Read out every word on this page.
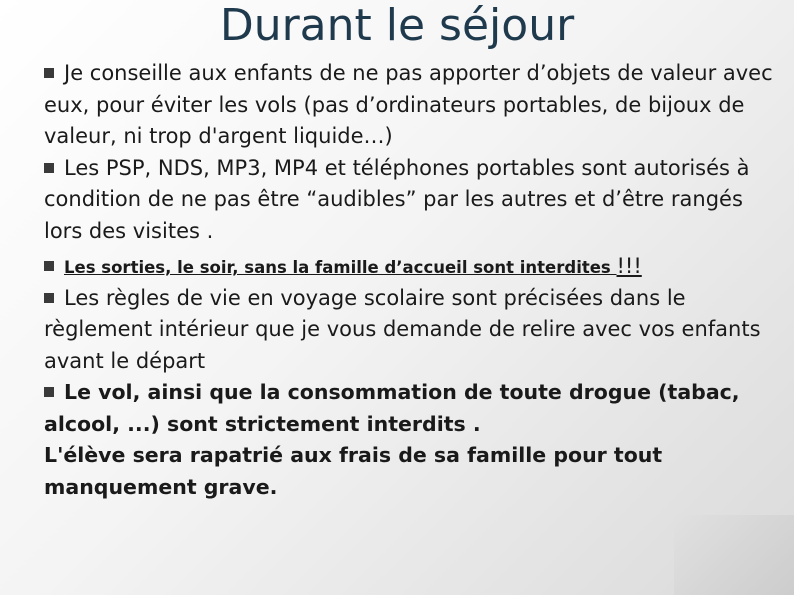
Durant le séjour

Je conseille aux enfants de ne pas apporter d’objets de valeur avec eux, pour éviter les vols (pas d’ordinateurs portables, de bijoux de valeur, ni trop d'argent liquide…)

Les PSP, NDS, MP3, MP4 et téléphones portables sont autorisés à condition de ne pas être “audibles” par les autres et d’être rangés lors des visites .

Les sorties, le soir, sans la famille d’accueil sont interdites !!!

Les règles de vie en voyage scolaire sont précisées dans le règlement intérieur que je vous demande de relire avec vos enfants avant le départ

Le vol, ainsi que la consommation de toute drogue (tabac, alcool, ...) sont strictement interdits .

L'élève sera rapatrié aux frais de sa famille pour tout manquement grave.
